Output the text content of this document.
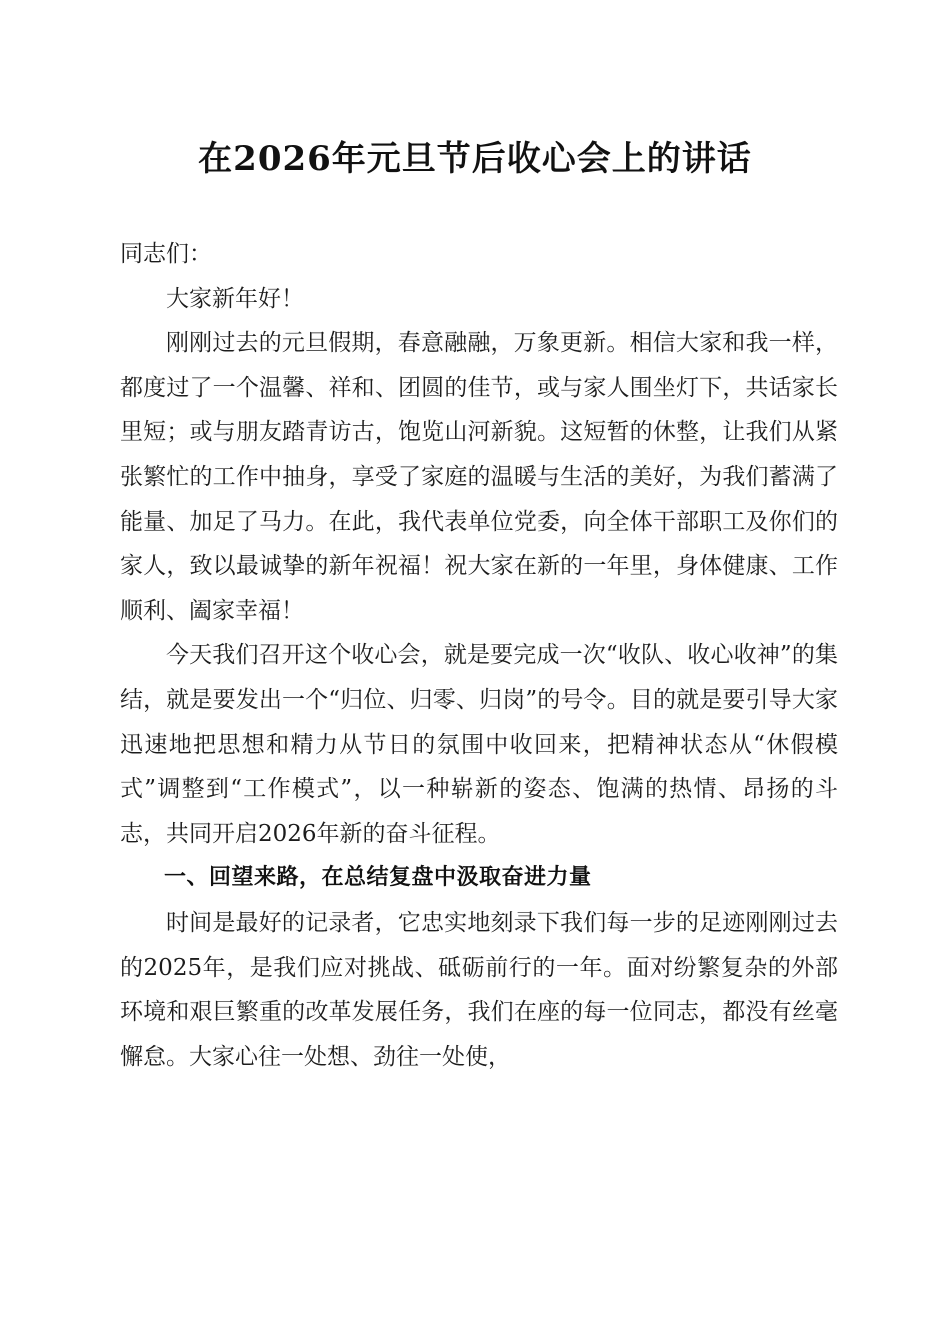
在2026年元旦节后收心会上的讲话

同志们：

大家新年好！

刚刚过去的元旦假期，春意融融，万象更新。相信大家和我一样，都度过了一个温馨、祥和、团圆的佳节，或与家人围坐灯下，共话家长里短；或与朋友踏青访古，饱览山河新貌。这短暂的休整，让我们从紧张繁忙的工作中抽身，享受了家庭的温暖与生活的美好，为我们蓄满了能量、加足了马力。在此，我代表单位党委，向全体干部职工及你们的家人，致以最诚挚的新年祝福！祝大家在新的一年里，身体健康、工作顺利、阖家幸福！

今天我们召开这个收心会，就是要完成一次“收队、收心收神”的集结，就是要发出一个“归位、归零、归岗”的号令。目的就是要引导大家迅速地把思想和精力从节日的氛围中收回来，把精神状态从“休假模式”调整到“工作模式”，以一种崭新的姿态、饱满的热情、昂扬的斗志，共同开启2026年新的奋斗征程。

一、回望来路，在总结复盘中汲取奋进力量

时间是最好的记录者，它忠实地刻录下我们每一步的足迹刚刚过去的2025年，是我们应对挑战、砥砺前行的一年。面对纷繁复杂的外部环境和艰巨繁重的改革发展任务，我们在座的每一位同志，都没有丝毫懈怠。大家心往一处想、劲往一处使，
